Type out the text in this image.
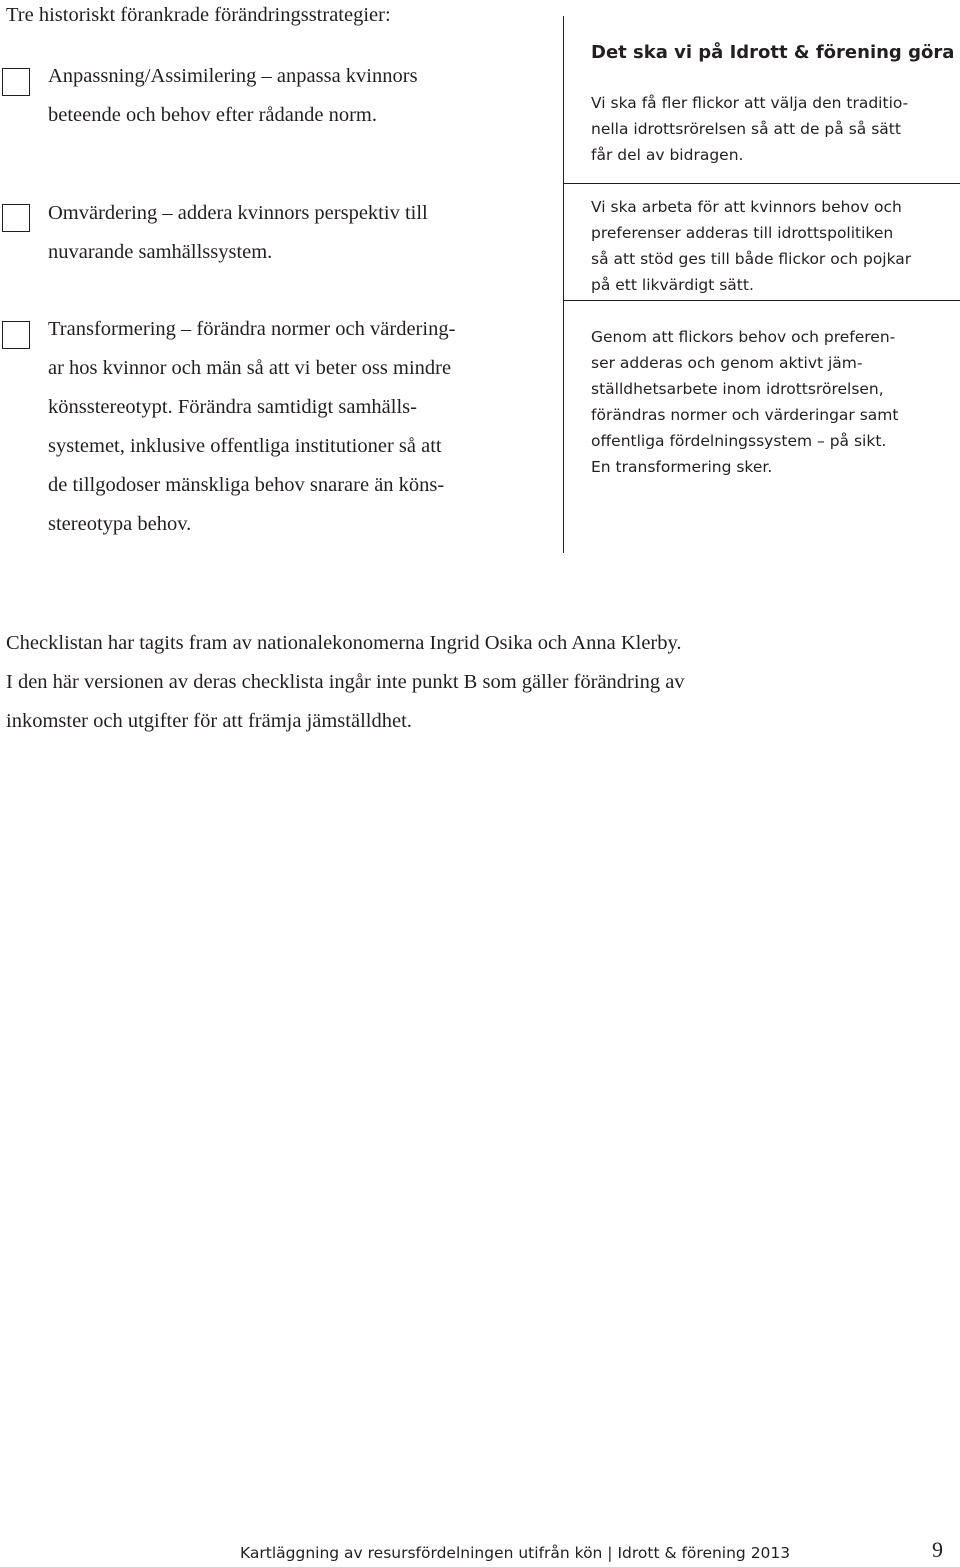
Tre historiskt förankrade förändringsstrategier:
Anpassning/Assimilering – anpassa kvinnors
beteende och behov efter rådande norm.
Omvärdering – addera kvinnors perspektiv till
nuvarande samhällssystem.
Transformering – förändra normer och värdering-
ar hos kvinnor och män så att vi beter oss mindre
könsstereotypt. Förändra samtidigt samhälls-
systemet, inklusive offentliga institutioner så att
de tillgodoser mänskliga behov snarare än köns-
stereotypa behov.
Det ska vi på Idrott & förening göra
Vi ska få fler flickor att välja den traditio-
nella idrottsrörelsen så att de på så sätt
får del av bidragen.
Vi ska arbeta för att kvinnors behov och
preferenser adderas till idrottspolitiken
så att stöd ges till både flickor och pojkar
på ett likvärdigt sätt.
Genom att flickors behov och preferen-
ser adderas och genom aktivt jäm-
ställdhetsarbete inom idrottsrörelsen,
förändras normer och värderingar samt
offentliga fördelningssystem – på sikt.
En transformering sker.
Checklistan har tagits fram av nationalekonomerna Ingrid Osika och Anna Klerby.
I den här versionen av deras checklista ingår inte punkt B som gäller förändring av
inkomster och utgifter för att främja jämställdhet.
Kartläggning av resursfördelningen utifrån kön | Idrott & förening 2013	9
